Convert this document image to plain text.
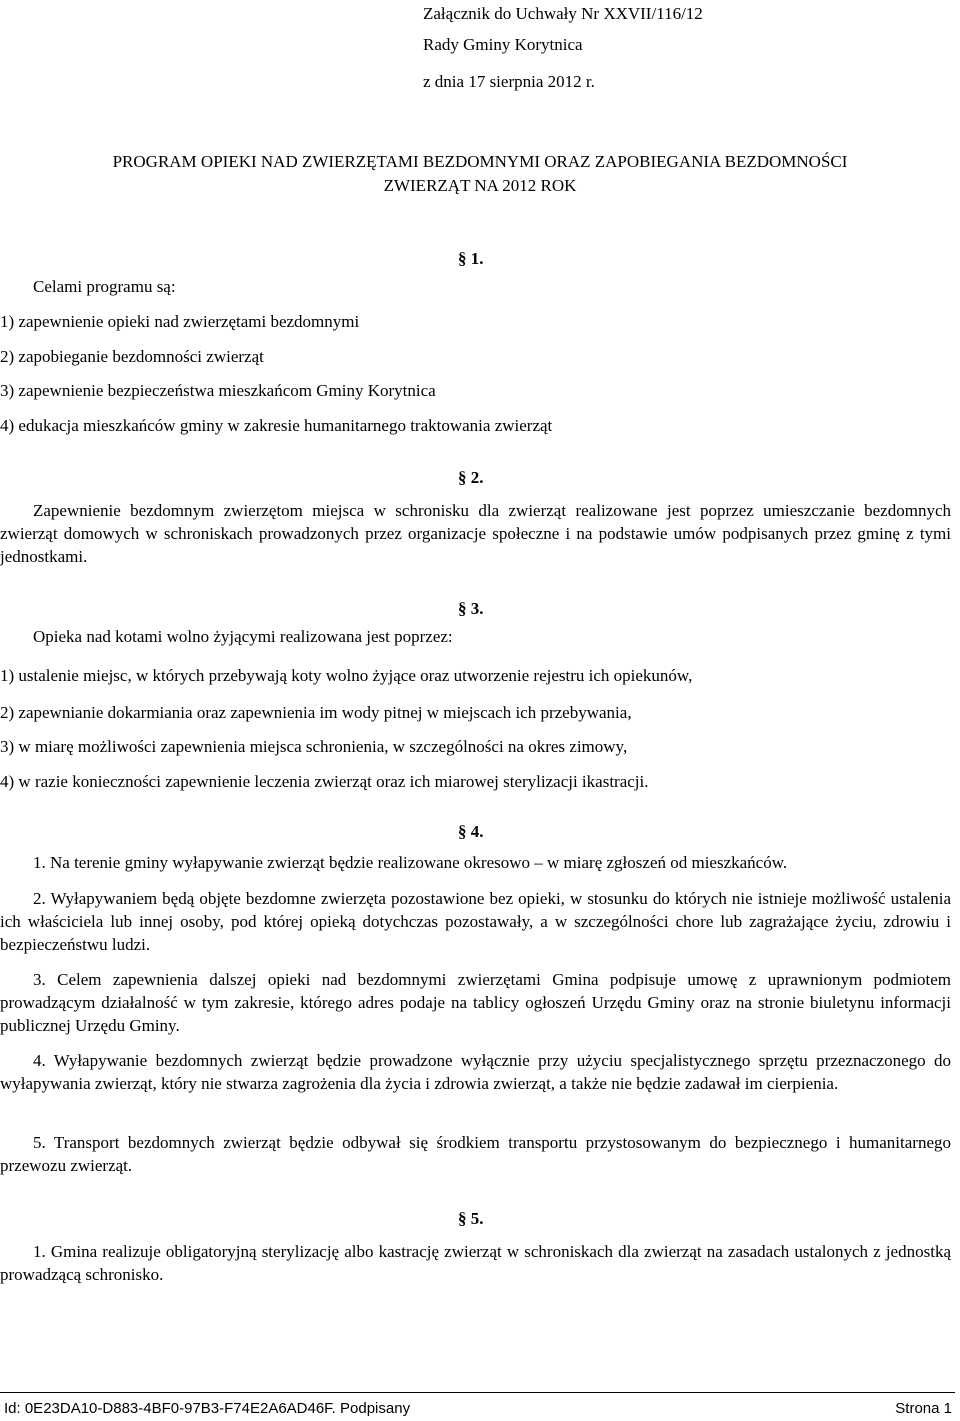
Załącznik do Uchwały Nr XXVII/116/12
Rady Gminy Korytnica
z dnia 17 sierpnia 2012 r.
PROGRAM OPIEKI NAD ZWIERZĘTAMI BEZDOMNYMI ORAZ ZAPOBIEGANIA BEZDOMNOŚCI
ZWIERZĄT NA 2012 ROK
§ 1.
Celami programu są:
1) zapewnienie opieki nad zwierzętami bezdomnymi
2) zapobieganie bezdomności zwierząt
3) zapewnienie bezpieczeństwa mieszkańcom Gminy Korytnica
4) edukacja mieszkańców gminy w zakresie humanitarnego traktowania zwierząt
§ 2.
Zapewnienie bezdomnym zwierzętom miejsca w schronisku dla zwierząt realizowane jest poprzez umieszczanie bezdomnych zwierząt domowych w schroniskach prowadzonych przez organizacje społeczne i na podstawie umów podpisanych przez gminę z tymi jednostkami.
§ 3.
Opieka nad kotami wolno żyjącymi realizowana jest poprzez:
1) ustalenie miejsc, w których przebywają koty wolno żyjące oraz utworzenie rejestru ich opiekunów,
2) zapewnianie dokarmiania oraz zapewnienia im wody pitnej w miejscach ich przebywania,
3) w miarę możliwości zapewnienia miejsca schronienia, w szczególności na okres zimowy,
4) w razie konieczności zapewnienie leczenia zwierząt oraz ich miarowej sterylizacji ikastracji.
§ 4.
1. Na terenie gminy wyłapywanie zwierząt będzie realizowane okresowo – w miarę zgłoszeń od mieszkańców.
2. Wyłapywaniem będą objęte bezdomne zwierzęta pozostawione bez opieki, w stosunku do których nie istnieje możliwość ustalenia ich właściciela lub innej osoby, pod której opieką dotychczas pozostawały, a w szczególności chore lub zagrażające życiu, zdrowiu i bezpieczeństwu ludzi.
3. Celem zapewnienia dalszej opieki nad bezdomnymi zwierzętami Gmina podpisuje umowę z uprawnionym podmiotem prowadzącym działalność w tym zakresie, którego adres podaje na tablicy ogłoszeń Urzędu Gminy oraz na stronie biuletynu informacji publicznej Urzędu Gminy.
4. Wyłapywanie bezdomnych zwierząt będzie prowadzone wyłącznie przy użyciu specjalistycznego sprzętu przeznaczonego do wyłapywania zwierząt, który nie stwarza zagrożenia dla życia i zdrowia zwierząt, a także nie będzie zadawał im cierpienia.
5. Transport bezdomnych zwierząt będzie odbywał się środkiem transportu przystosowanym do bezpiecznego i humanitarnego przewozu zwierząt.
§ 5.
1. Gmina realizuje obligatoryjną sterylizację albo kastrację zwierząt w schroniskach dla zwierząt na zasadach ustalonych z jednostką prowadzącą schronisko.
Id: 0E23DA10-D883-4BF0-97B3-F74E2A6AD46F. Podpisany	Strona 1
